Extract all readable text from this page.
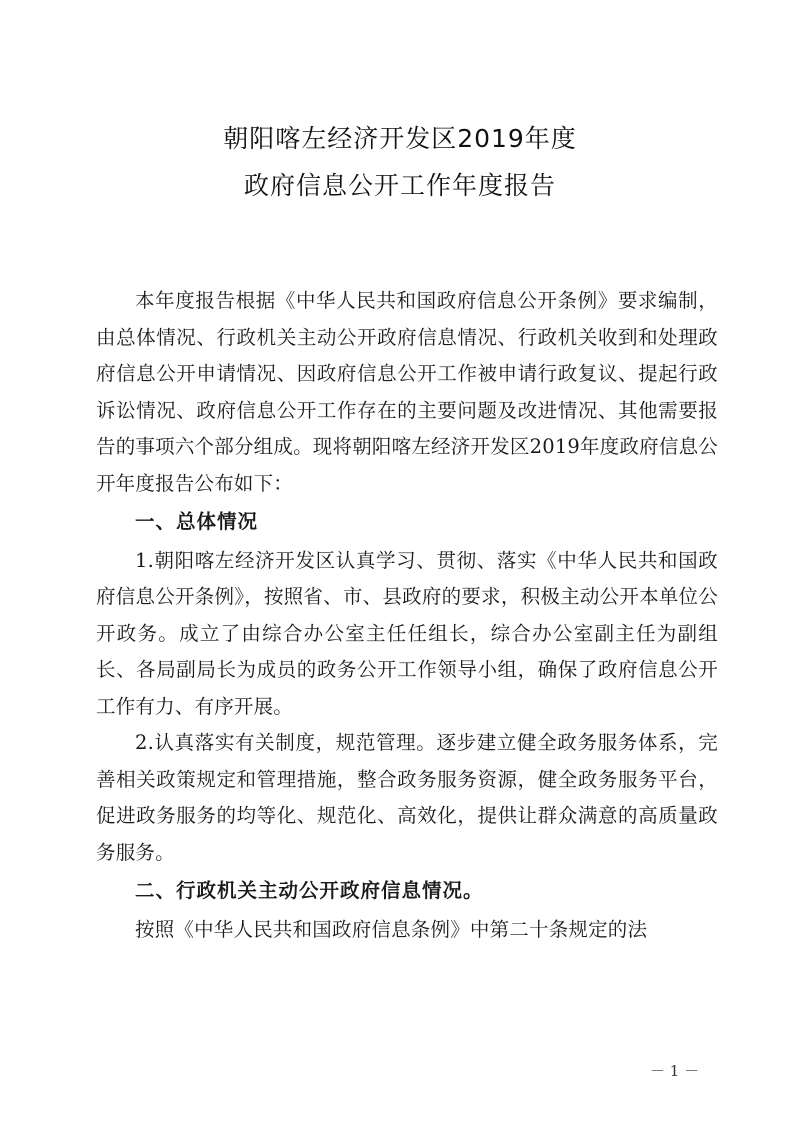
朝阳喀左经济开发区2019年度
政府信息公开工作年度报告

本年度报告根据《中华人民共和国政府信息公开条例》要求编制，由总体情况、行政机关主动公开政府信息情况、行政机关收到和处理政府信息公开申请情况、因政府信息公开工作被申请行政复议、提起行政诉讼情况、政府信息公开工作存在的主要问题及改进情况、其他需要报告的事项六个部分组成。现将朝阳喀左经济开发区2019年度政府信息公开年度报告公布如下：

一、总体情况

1.朝阳喀左经济开发区认真学习、贯彻、落实《中华人民共和国政府信息公开条例》，按照省、市、县政府的要求，积极主动公开本单位公开政务。成立了由综合办公室主任任组长，综合办公室副主任为副组长、各局副局长为成员的政务公开工作领导小组，确保了政府信息公开工作有力、有序开展。

2.认真落实有关制度，规范管理。逐步建立健全政务服务体系，完善相关政策规定和管理措施，整合政务服务资源，健全政务服务平台，促进政务服务的均等化、规范化、高效化，提供让群众满意的高质量政务服务。

二、行政机关主动公开政府信息情况。

按照《中华人民共和国政府信息条例》中第二十条规定的法

－ 1 －
